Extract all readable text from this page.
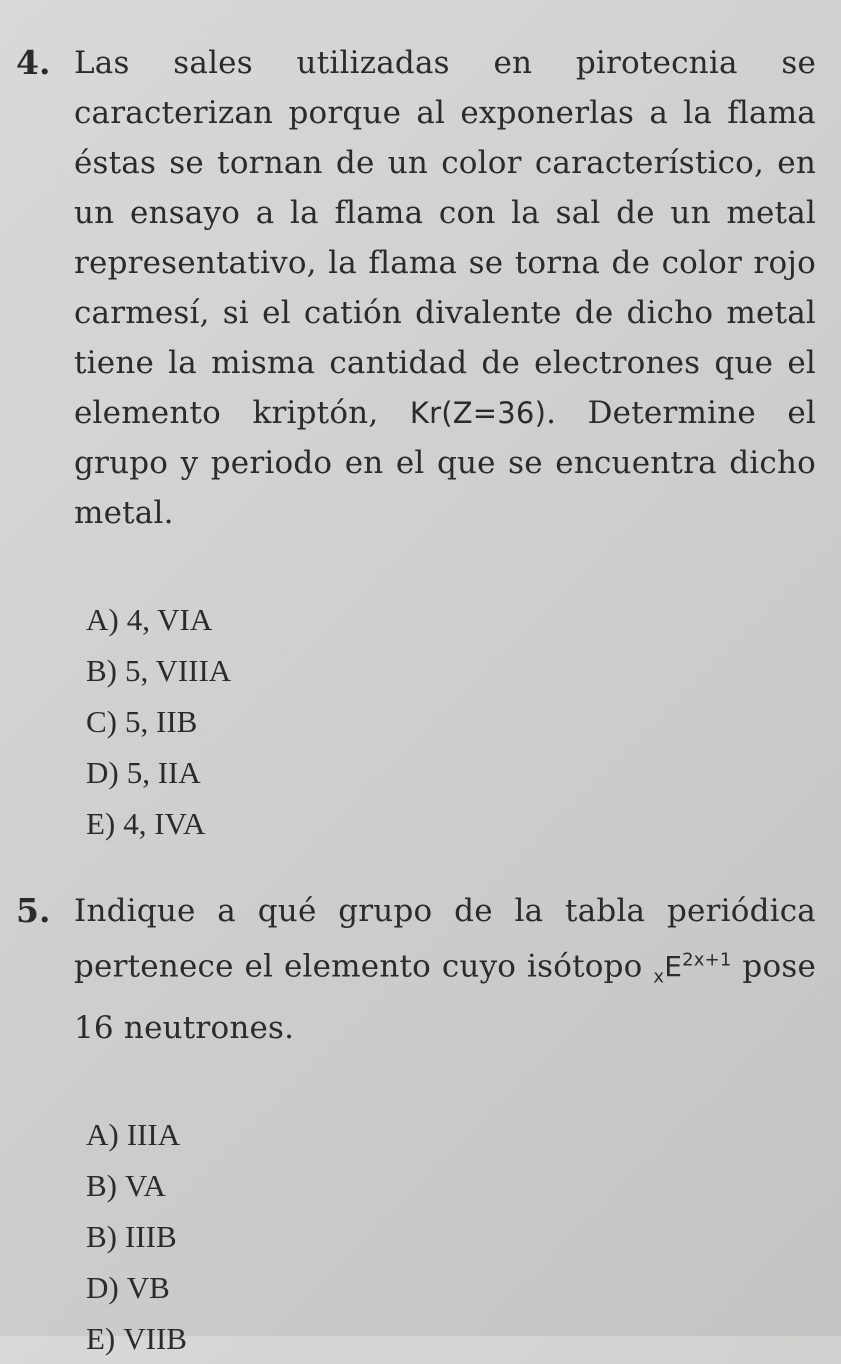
4. Las sales utilizadas en pirotecnia se caracterizan porque al exponerlas a la flama éstas se tornan de un color característico, en un ensayo a la flama con la sal de un metal representativo, la flama se torna de color rojo carmesí, si el catión divalente de dicho metal tiene la misma cantidad de electrones que el elemento kriptón, Kr(Z=36). Determine el grupo y periodo en el que se encuentra dicho metal.

A) 4, VIA
B) 5, VIIIA
C) 5, IIB
D) 5, IIA
E) 4, IVA
5. Indique a qué grupo de la tabla periódica pertenece el elemento cuyo isótopo $_xE^{2x+1}$ pose 16 neutrones.

A) IIIA
B) VA
B) IIIB
D) VB
E) VIIB
